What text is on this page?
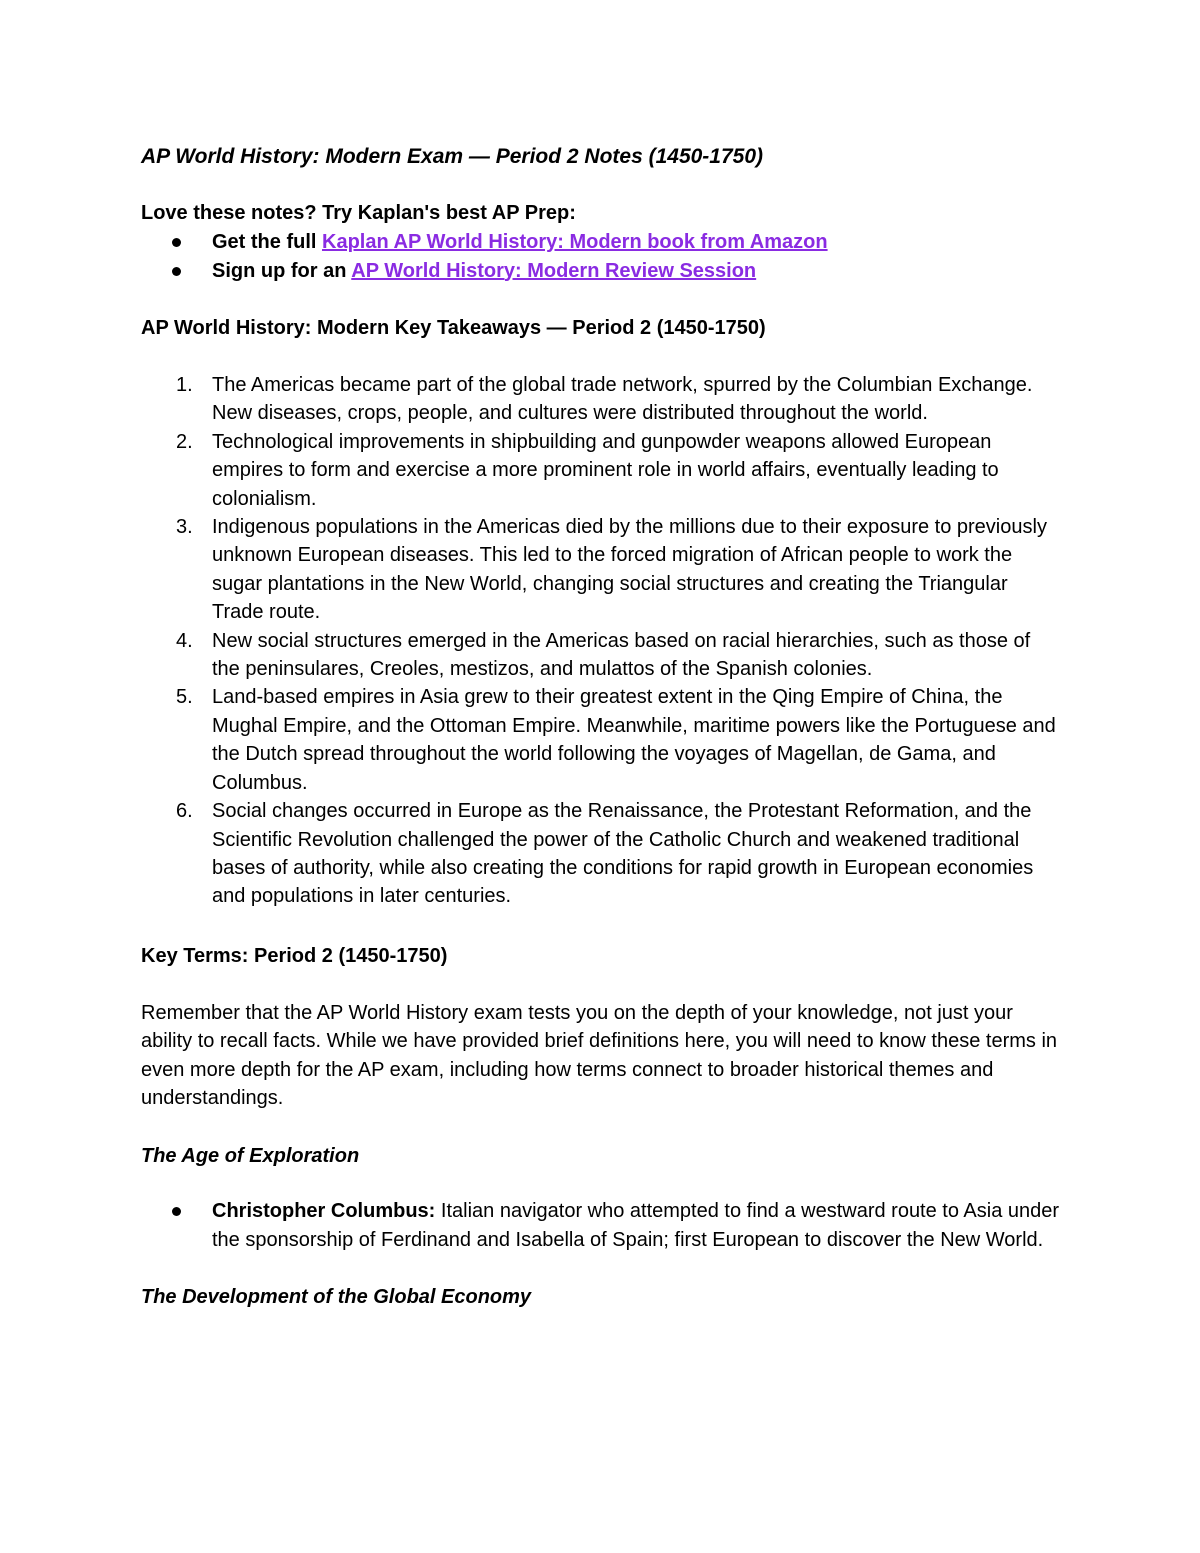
AP World History: Modern Exam — Period 2 Notes (1450-1750)
Love these notes? Try Kaplan's best AP Prep:
Get the full Kaplan AP World History: Modern book from Amazon
Sign up for an AP World History: Modern Review Session
AP World History: Modern Key Takeaways — Period 2 (1450-1750)
1. The Americas became part of the global trade network, spurred by the Columbian Exchange. New diseases, crops, people, and cultures were distributed throughout the world.
2. Technological improvements in shipbuilding and gunpowder weapons allowed European empires to form and exercise a more prominent role in world affairs, eventually leading to colonialism.
3. Indigenous populations in the Americas died by the millions due to their exposure to previously unknown European diseases. This led to the forced migration of African people to work the sugar plantations in the New World, changing social structures and creating the Triangular Trade route.
4. New social structures emerged in the Americas based on racial hierarchies, such as those of the peninsulares, Creoles, mestizos, and mulattos of the Spanish colonies.
5. Land-based empires in Asia grew to their greatest extent in the Qing Empire of China, the Mughal Empire, and the Ottoman Empire. Meanwhile, maritime powers like the Portuguese and the Dutch spread throughout the world following the voyages of Magellan, de Gama, and Columbus.
6. Social changes occurred in Europe as the Renaissance, the Protestant Reformation, and the Scientific Revolution challenged the power of the Catholic Church and weakened traditional bases of authority, while also creating the conditions for rapid growth in European economies and populations in later centuries.
Key Terms: Period 2 (1450-1750)

Remember that the AP World History exam tests you on the depth of your knowledge, not just your ability to recall facts. While we have provided brief definitions here, you will need to know these terms in even more depth for the AP exam, including how terms connect to broader historical themes and understandings.

The Age of Exploration
Christopher Columbus: Italian navigator who attempted to find a westward route to Asia under the sponsorship of Ferdinand and Isabella of Spain; first European to discover the New World.
The Development of the Global Economy
